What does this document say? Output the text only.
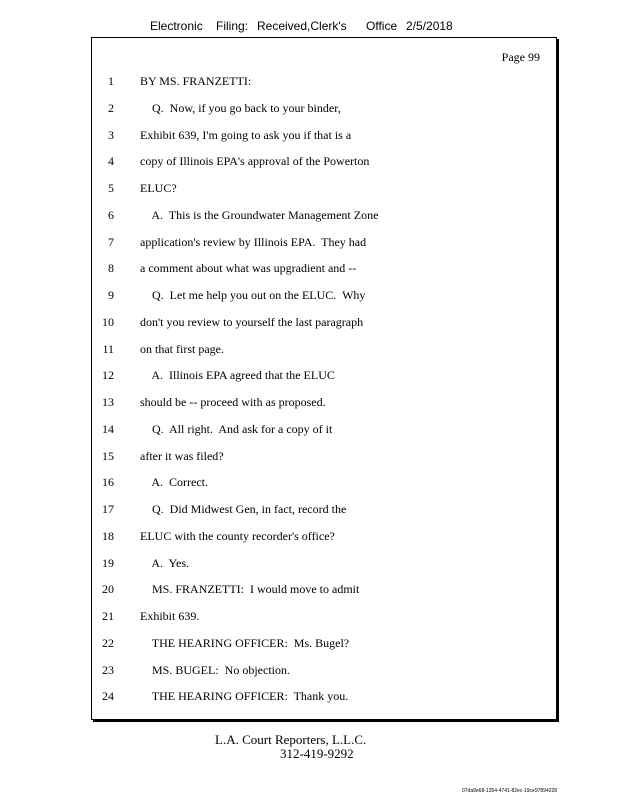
Electronic Filing: Received,Clerk's Office 2/5/2018
Page 99
1 BY MS. FRANZETTI:
2 Q.  Now, if you go back to your binder,
3 Exhibit 639, I'm going to ask you if that is a
4 copy of Illinois EPA's approval of the Powerton
5 ELUC?
6 A.  This is the Groundwater Management Zone
7 application's review by Illinois EPA.  They had
8 a comment about what was upgradient and --
9 Q.  Let me help you out on the ELUC.  Why
10 don't you review to yourself the last paragraph
11 on that first page.
12 A.  Illinois EPA agreed that the ELUC
13 should be -- proceed with as proposed.
14 Q.  All right.  And ask for a copy of it
15 after it was filed?
16 A.  Correct.
17 Q.  Did Midwest Gen, in fact, record the
18 ELUC with the county recorder's office?
19 A.  Yes.
20 MS. FRANZETTI:  I would move to admit
21 Exhibit 639.
22 THE HEARING OFFICER:  Ms. Bugel?
23 MS. BUGEL:  No objection.
24 THE HEARING OFFICER:  Thank you.
L.A. Court Reporters, L.L.C.
312-419-9292
07da9e68-1354-4741-82ec-19ce97894228
